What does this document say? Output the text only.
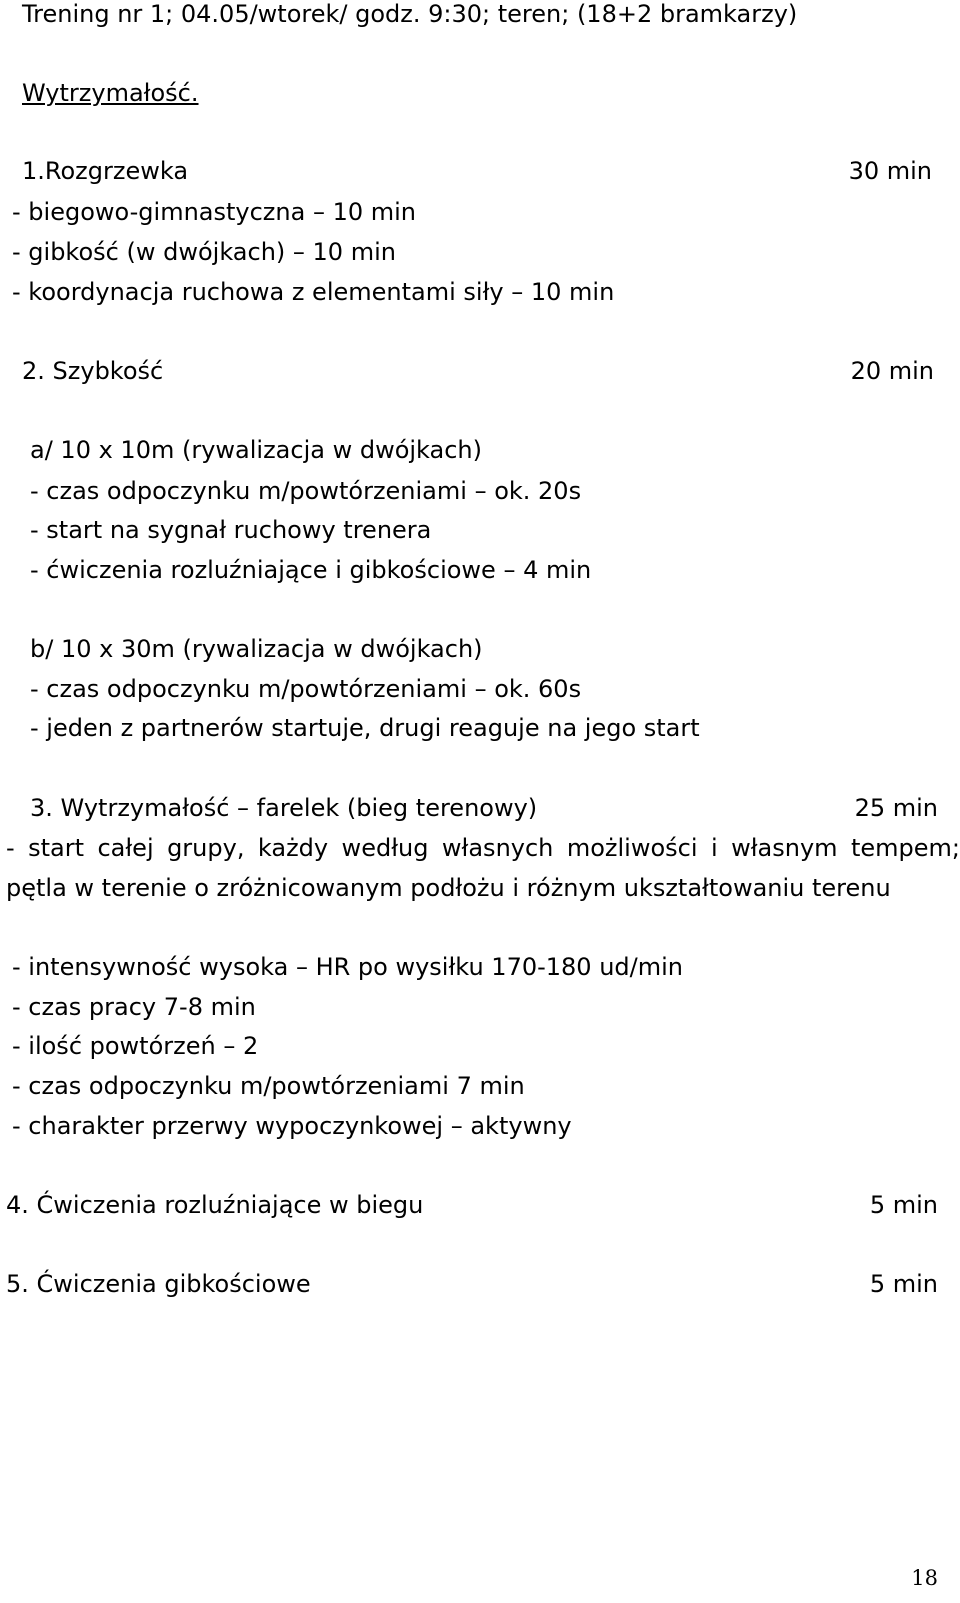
Trening nr 1; 04.05/wtorek/ godz. 9:30; teren; (18+2 bramkarzy)
Wytrzymałość.
1.Rozgrzewka	30 min
- biegowo-gimnastyczna – 10 min
- gibkość (w dwójkach) – 10 min
- koordynacja ruchowa z elementami siły – 10 min
2. Szybkość	20 min
a/ 10 x 10m (rywalizacja w dwójkach)
- czas odpoczynku m/powtórzeniami – ok. 20s
- start na sygnał ruchowy trenera
- ćwiczenia rozluźniające i gibkościowe – 4 min
b/ 10 x 30m (rywalizacja w dwójkach)
- czas odpoczynku m/powtórzeniami – ok. 60s
- jeden z partnerów startuje, drugi reaguje na jego start
3. Wytrzymałość – farelek (bieg terenowy)	25 min
- start całej grupy, każdy według własnych możliwości i własnym tempem; pętla w terenie o zróżnicowanym podłożu i różnym ukształtowaniu terenu
- intensywność wysoka – HR po wysiłku 170-180 ud/min
- czas pracy 7-8 min
- ilość powtórzeń – 2
- czas odpoczynku m/powtórzeniami 7 min
- charakter przerwy wypoczynkowej – aktywny
4. Ćwiczenia rozluźniające w biegu	5 min
5. Ćwiczenia gibkościowe	5 min
18
